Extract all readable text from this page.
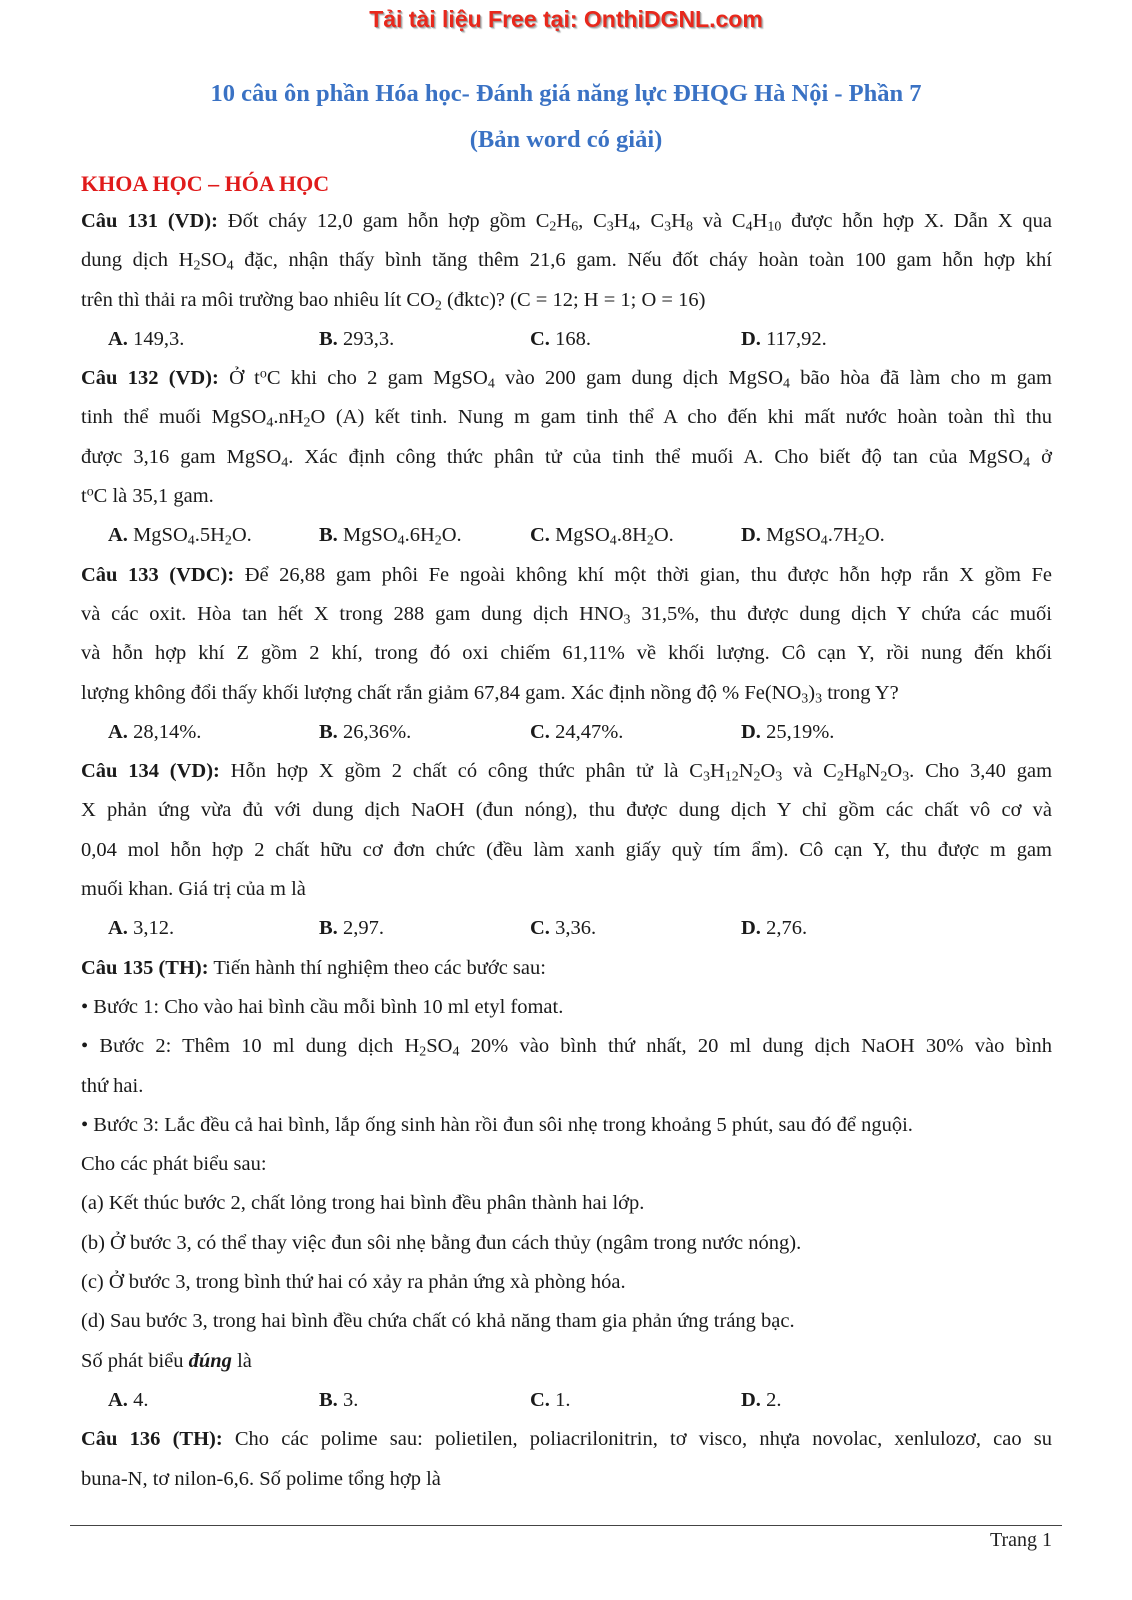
Tải tài liệu Free tại: OnthiDGNL.com
10 câu ôn phần Hóa học- Đánh giá năng lực ĐHQG Hà Nội - Phần 7
(Bản word có giải)
KHOA HỌC – HÓA HỌC

Câu 131 (VD): Đốt cháy 12,0 gam hỗn hợp gồm $C_2H_6$, $C_3H_4$, $C_3H_8$ và $C_4H_{10}$ được hỗn hợp X. Dẫn X qua

dung dịch $H_2SO_4$ đặc, nhận thấy bình tăng thêm 21,6 gam. Nếu đốt cháy hoàn toàn 100 gam hỗn hợp khí

trên thì thải ra môi trường bao nhiêu lít $CO_2$ (đktc)? (C = 12; H = 1; O = 16)

A. 149,3.	B. 293,3.	C. 168.	D. 117,92.

Câu 132 (VD): Ở $t^oC$ khi cho 2 gam MgSO$_4$ vào 200 gam dung dịch MgSO$_4$ bão hòa đã làm cho m gam

tinh thể muối $MgSO_4.nH_2O$ (A) kết tinh. Nung m gam tinh thể A cho đến khi mất nước hoàn toàn thì thu

được 3,16 gam MgSO$_4$. Xác định công thức phân tử của tinh thể muối A. Cho biết độ tan của MgSO$_4$ ở

$t^oC$ là 35,1 gam.

A. $MgSO_4.5H_2O$.	B. $MgSO_4.6H_2O$.	C. $MgSO_4.8H_2O$.	D. $MgSO_4.7H_2O$.

Câu 133 (VDC): Để 26,88 gam phôi Fe ngoài không khí một thời gian, thu được hỗn hợp rắn X gồm Fe

và các oxit. Hòa tan hết X trong 288 gam dung dịch $HNO_3$ 31,5%, thu được dung dịch Y chứa các muối

và hỗn hợp khí Z gồm 2 khí, trong đó oxi chiếm 61,11% về khối lượng. Cô cạn Y, rồi nung đến khối

lượng không đổi thấy khối lượng chất rắn giảm 67,84 gam. Xác định nồng độ % $Fe(NO_3)_3$ trong Y?

A. 28,14%.	B. 26,36%.	C. 24,47%.	D. 25,19%.

Câu 134 (VD): Hỗn hợp X gồm 2 chất có công thức phân tử là $C_3H_{12}N_2O_3$ và $C_2H_8N_2O_3$. Cho 3,40 gam

X phản ứng vừa đủ với dung dịch NaOH (đun nóng), thu được dung dịch Y chỉ gồm các chất vô cơ và

0,04 mol hỗn hợp 2 chất hữu cơ đơn chức (đều làm xanh giấy quỳ tím ẩm). Cô cạn Y, thu được m gam

muối khan. Giá trị của m là

A. 3,12.	B. 2,97.	C. 3,36.	D. 2,76.

Câu 135 (TH): Tiến hành thí nghiệm theo các bước sau:

• Bước 1: Cho vào hai bình cầu mỗi bình 10 ml etyl fomat.

• Bước 2: Thêm 10 ml dung dịch $H_2SO_4$ 20% vào bình thứ nhất, 20 ml dung dịch NaOH 30% vào bình

thứ hai.

• Bước 3: Lắc đều cả hai bình, lắp ống sinh hàn rồi đun sôi nhẹ trong khoảng 5 phút, sau đó để nguội.

Cho các phát biểu sau:

(a) Kết thúc bước 2, chất lỏng trong hai bình đều phân thành hai lớp.

(b) Ở bước 3, có thể thay việc đun sôi nhẹ bằng đun cách thủy (ngâm trong nước nóng).

(c) Ở bước 3, trong bình thứ hai có xảy ra phản ứng xà phòng hóa.

(d) Sau bước 3, trong hai bình đều chứa chất có khả năng tham gia phản ứng tráng bạc.

Số phát biểu đúng là

A. 4.	B. 3.	C. 1.	D. 2.

Câu 136 (TH): Cho các polime sau: polietilen, poliacrilonitrin, tơ visco, nhựa novolac, xenlulozơ, cao su

buna-N, tơ nilon-6,6. Số polime tổng hợp là

Trang 1
